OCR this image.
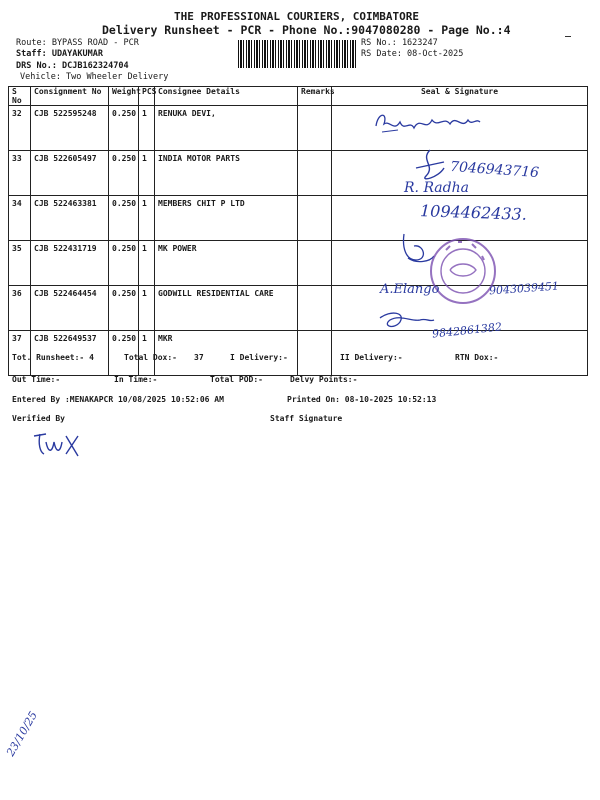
THE PROFESSIONAL COURIERS, COIMBATORE
Delivery Runsheet - PCR - Phone No.:9047080280 - Page No.:4
Route: BYPASS ROAD - PCR
Staff: UDAYAKUMAR
DRS No.: DCJB162324704
Vehicle: Two Wheeler Delivery
RS No.: 1623247
RS Date: 08-Oct-2025
S No	Consignment No	Weight	PCS	Consignee Details	Remarks	Seal & Signature
32	CJB 522595248	0.250	1	RENUKA DEVI,		
33	CJB 522605497	0.250	1	INDIA MOTOR PARTS		
34	CJB 522463381	0.250	1	MEMBERS CHIT P LTD		
35	CJB 522431719	0.250	1	MK POWER		
36	CJB 522464454	0.250	1	GODWILL RESIDENTIAL CARE		
37	CJB 522649537	0.250	1	MKR		
7046943716
R. Radha
1094462433.
A.Elango	9043039451
9842861382
Tot. Runsheet:- 4	Total Dox:- 37	I Delivery:-	II Delivery:-	RTN Dox:-
Out Time:-	In Time:-	Total POD:-	Delvy Points:-
Entered By :MENAKAPCR 10/08/2025 10:52:06 AM	Printed On: 08-10-2025 10:52:13
Verified By	Staff Signature
23/10/25
